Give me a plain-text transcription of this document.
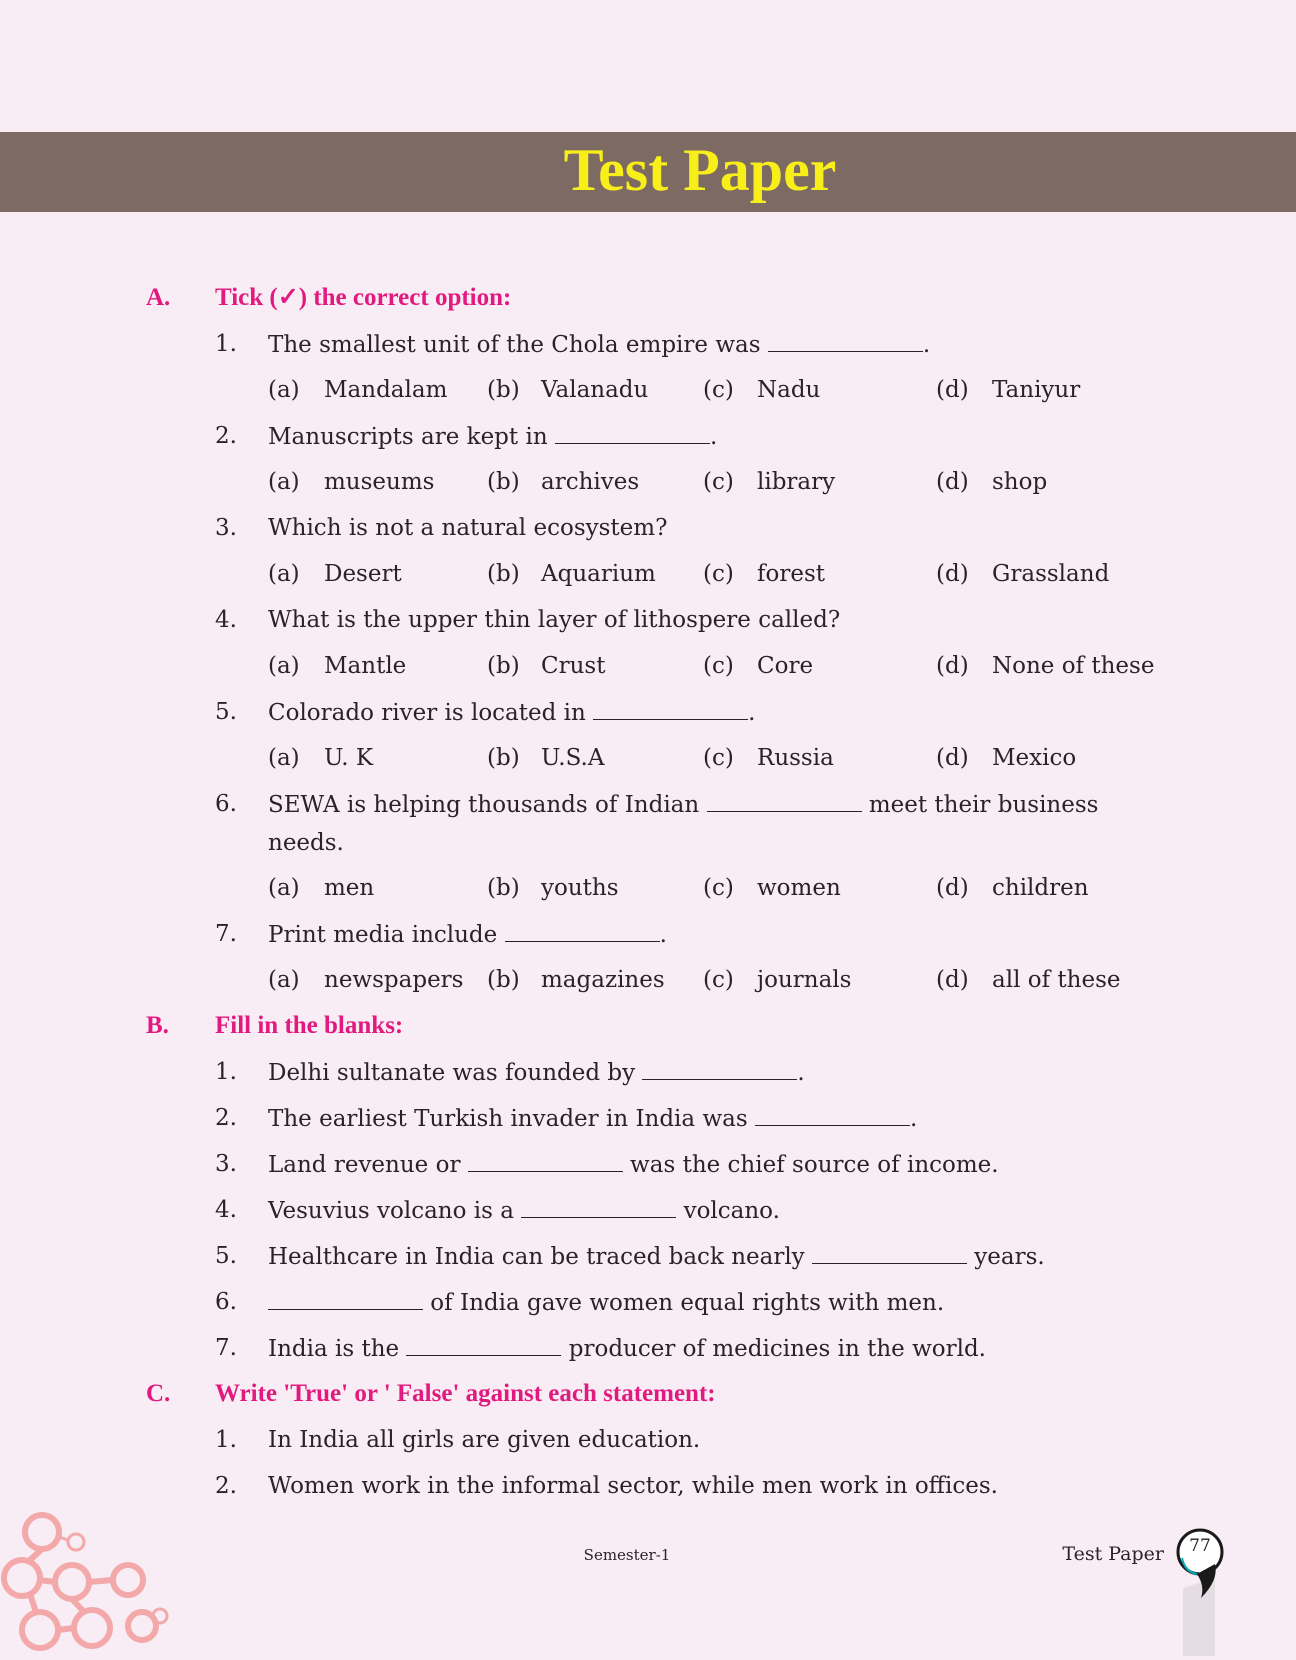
Test Paper
A. Tick (✓) the correct option:
1. The smallest unit of the Chola empire was	.
(a) Mandalam (b) Valanadu (c) Nadu	(d) Taniyur
2. Manuscripts are kept in	.
(a) museums (b) archives	(c) library	(d) shop
3. Which is not a natural ecosystem?
(a) Desert	(b) Aquarium (c) forest	(d) Grassland
4. What is the upper thin layer of lithospere called?
(a) Mantle	(b) Crust	(c) Core	(d) None of these
5. Colorado river is located in	.
(a) U. K	(b) U.S.A	(c) Russia	(d) Mexico
6. SEWA is helping thousands of Indian	meet their business needs.
(a) men	(b) youths	(c) women	(d) children
7. Print media include	.
(a) newspapers (b) magazines (c) journals	(d) all of these
B. Fill in the blanks:
1. Delhi sultanate was founded by	.
2. The earliest Turkish invader in India was	.
3. Land revenue or	was the chief source of income.
4. Vesuvius volcano is a	volcano.
5. Healthcare in India can be traced back nearly	years.
6.	of India gave women equal rights with men.
7. India is the	producer of medicines in the world.
C. Write 'True' or ' False' against each statement:
1. In India all girls are given education.
2. Women work in the informal sector, while men work in offices.
Semester-1	Test Paper	77
